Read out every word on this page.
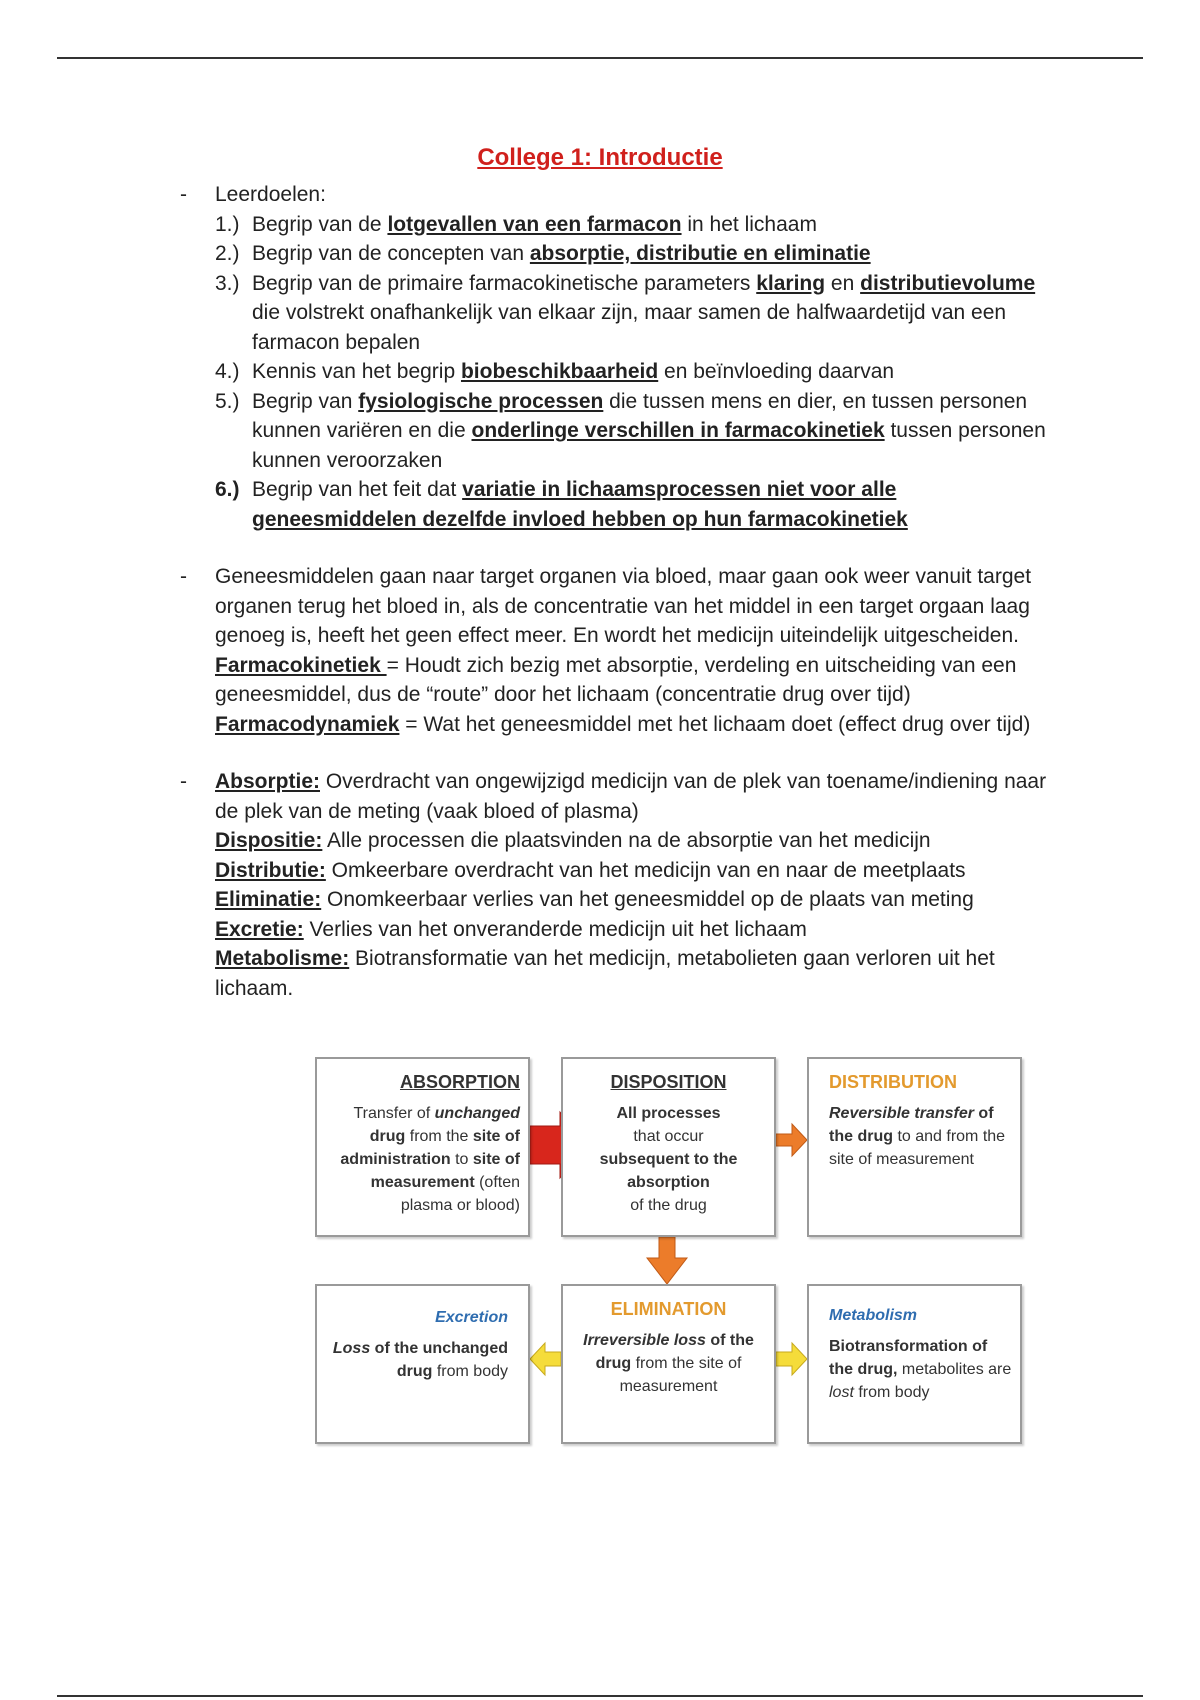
College 1: Introductie
- Leerdoelen:
1.) Begrip van de lotgevallen van een farmacon in het lichaam
2.) Begrip van de concepten van absorptie, distributie en eliminatie
3.) Begrip van de primaire farmacokinetische parameters klaring en distributievolume die volstrekt onafhankelijk van elkaar zijn, maar samen de halfwaardetijd van een farmacon bepalen
4.) Kennis van het begrip biobeschikbaarheid en beïnvloeding daarvan
5.) Begrip van fysiologische processen die tussen mens en dier, en tussen personen kunnen variëren en die onderlinge verschillen in farmacokinetiek tussen personen kunnen veroorzaken
6.) Begrip van het feit dat variatie in lichaamsprocessen niet voor alle geneesmiddelen dezelfde invloed hebben op hun farmacokinetiek
- Geneesmiddelen gaan naar target organen via bloed, maar gaan ook weer vanuit target organen terug het bloed in, als de concentratie van het middel in een target orgaan laag genoeg is, heeft het geen effect meer. En wordt het medicijn uiteindelijk uitgescheiden.
Farmacokinetiek = Houdt zich bezig met absorptie, verdeling en uitscheiding van een geneesmiddel, dus de “route” door het lichaam (concentratie drug over tijd)
Farmacodynamiek = Wat het geneesmiddel met het lichaam doet (effect drug over tijd)
- Absorptie: Overdracht van ongewijzigd medicijn van de plek van toename/indiening naar de plek van de meting (vaak bloed of plasma)
Dispositie: Alle processen die plaatsvinden na de absorptie van het medicijn
Distributie: Omkeerbare overdracht van het medicijn van en naar de meetplaats
Eliminatie: Onomkeerbaar verlies van het geneesmiddel op de plaats van meting
Excretie: Verlies van het onveranderde medicijn uit het lichaam
Metabolisme: Biotransformatie van het medicijn, metabolieten gaan verloren uit het lichaam.
ABSORPTION
Transfer of unchanged drug from the site of administration to site of measurement (often plasma or blood)
DISPOSITION
All processes
that occur
subsequent to the absorption
of the drug
DISTRIBUTION
Reversible transfer of the drug to and from the site of measurement
Excretion
Loss of the unchanged drug from body
ELIMINATION
Irreversible loss of the drug from the site of measurement
Metabolism
Biotransformation of the drug, metabolites are lost from body
